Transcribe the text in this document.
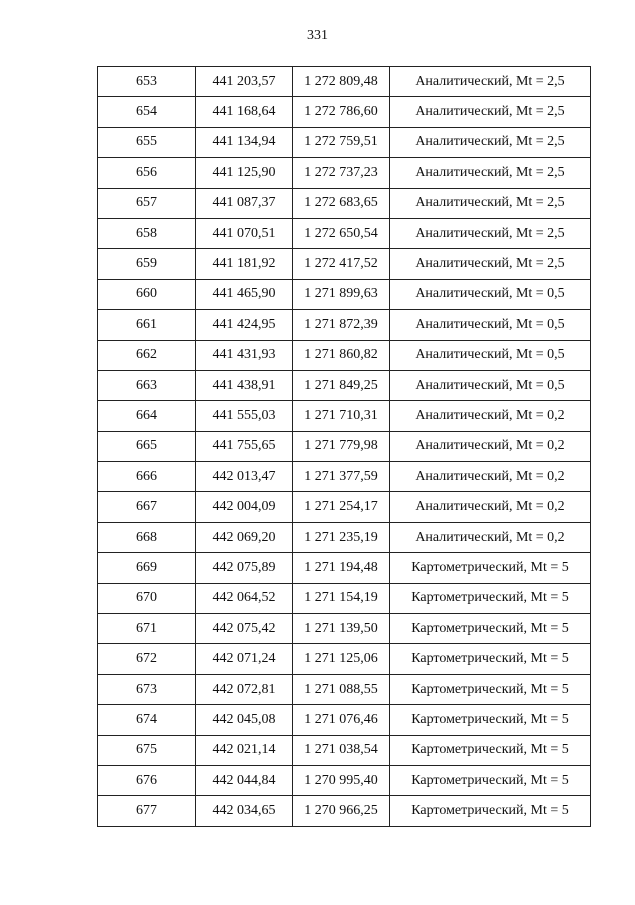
331
653	441 203,57	1 272 809,48	Аналитический, Mt = 2,5
654	441 168,64	1 272 786,60	Аналитический, Mt = 2,5
655	441 134,94	1 272 759,51	Аналитический, Mt = 2,5
656	441 125,90	1 272 737,23	Аналитический, Mt = 2,5
657	441 087,37	1 272 683,65	Аналитический, Mt = 2,5
658	441 070,51	1 272 650,54	Аналитический, Mt = 2,5
659	441 181,92	1 272 417,52	Аналитический, Mt = 2,5
660	441 465,90	1 271 899,63	Аналитический, Mt = 0,5
661	441 424,95	1 271 872,39	Аналитический, Mt = 0,5
662	441 431,93	1 271 860,82	Аналитический, Mt = 0,5
663	441 438,91	1 271 849,25	Аналитический, Mt = 0,5
664	441 555,03	1 271 710,31	Аналитический, Mt = 0,2
665	441 755,65	1 271 779,98	Аналитический, Mt = 0,2
666	442 013,47	1 271 377,59	Аналитический, Mt = 0,2
667	442 004,09	1 271 254,17	Аналитический, Mt = 0,2
668	442 069,20	1 271 235,19	Аналитический, Mt = 0,2
669	442 075,89	1 271 194,48	Картометрический, Mt = 5
670	442 064,52	1 271 154,19	Картометрический, Mt = 5
671	442 075,42	1 271 139,50	Картометрический, Mt = 5
672	442 071,24	1 271 125,06	Картометрический, Mt = 5
673	442 072,81	1 271 088,55	Картометрический, Mt = 5
674	442 045,08	1 271 076,46	Картометрический, Mt = 5
675	442 021,14	1 271 038,54	Картометрический, Mt = 5
676	442 044,84	1 270 995,40	Картометрический, Mt = 5
677	442 034,65	1 270 966,25	Картометрический, Mt = 5
